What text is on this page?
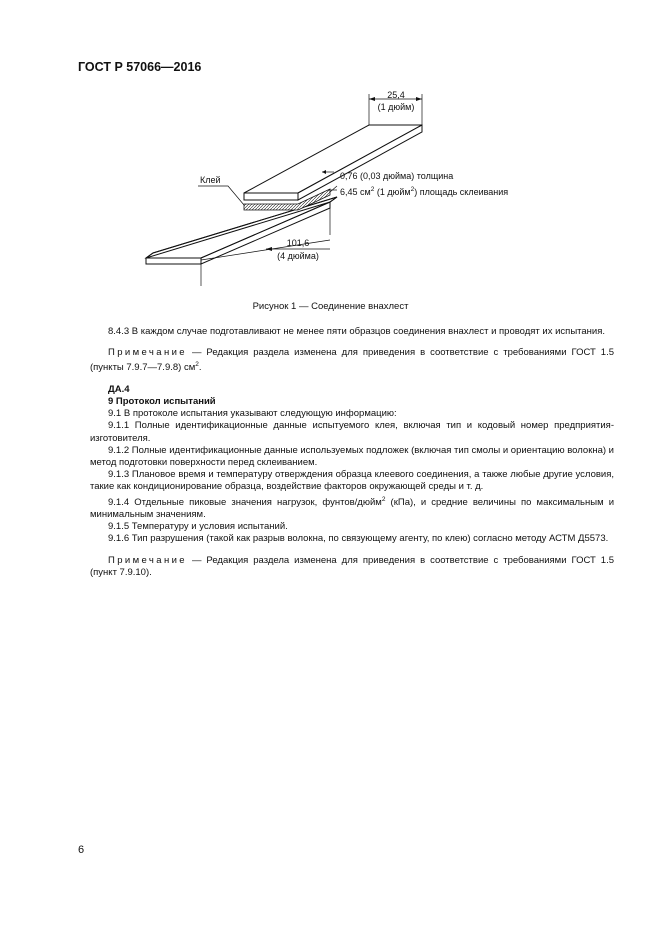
ГОСТ Р 57066—2016
25,4
(1 дюйм)
Клей	0,76 (0,03 дюйма) толщина
6,45 $см^2$ (1 дюйм$^2$) площадь склеивания
101,6
(4 дюйма)
Рисунок 1 — Соединение внахлест

8.4.3 В каждом случае подготавливают не менее пяти образцов соединения внахлест и проводят их испытания.

Примечание — Редакция раздела изменена для приведения в соответствие с требованиями ГОСТ 1.5 (пункты 7.9.7—7.9.8) $см^2$.

ДА.4

9 Протокол испытаний

9.1 В протоколе испытания указывают следующую информацию:

9.1.1 Полные идентификационные данные испытуемого клея, включая тип и кодовый номер предприятия-изготовителя.

9.1.2 Полные идентификационные данные используемых подложек (включая тип смолы и ориентацию волокна) и метод подготовки поверхности перед склеиванием.

9.1.3 Плановое время и температуру отверждения образца клеевого соединения, а также любые другие условия, такие как кондиционирование образца, воздействие факторов окружающей среды и т. д.

9.1.4 Отдельные пиковые значения нагрузок, фунтов/дюйм$^2$ (кПа), и средние величины по максимальным и минимальным значениям.

9.1.5 Температуру и условия испытаний.

9.1.6 Тип разрушения (такой как разрыв волокна, по связующему агенту, по клею) согласно методу АСТМ Д5573.

Примечание — Редакция раздела изменена для приведения в соответствие с требованиями ГОСТ 1.5 (пункт 7.9.10).

6
